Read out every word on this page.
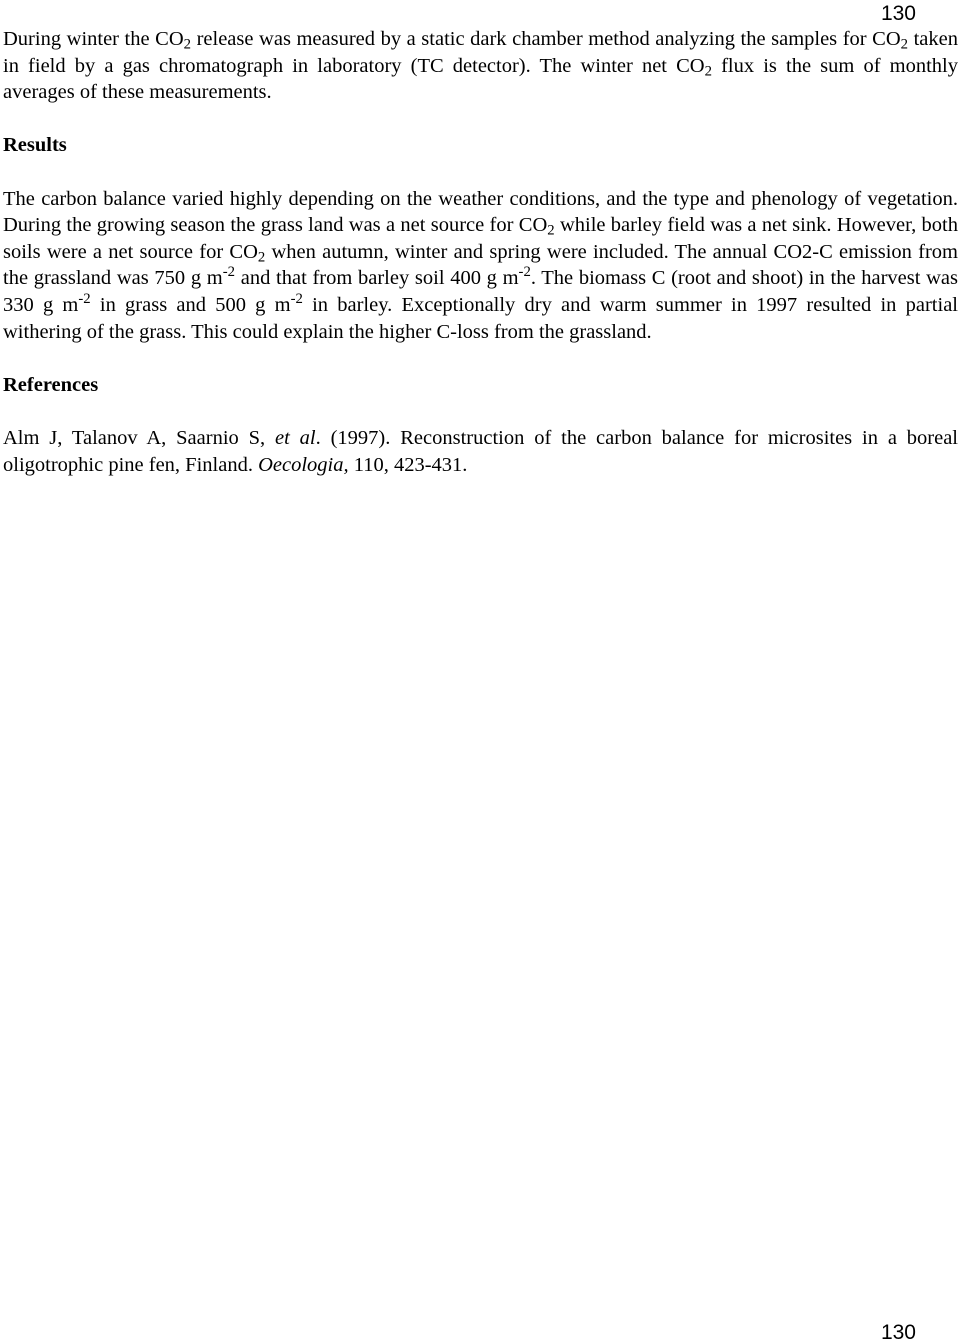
130

During winter the $CO_2$ release was measured by a static dark chamber method analyzing the samples for $CO_2$ taken in field by a gas chromatograph in laboratory (TC detector). The winter net $CO_2$ flux is the sum of monthly averages of these measurements.

Results

The carbon balance varied highly depending on the weather conditions, and the type and phenology of vegetation. During the growing season the grass land was a net source for $CO_2$ while barley field was a net sink. However, both soils were a net source for $CO_2$ when autumn, winter and spring were included. The annual CO2-C emission from the grassland was 750 g $m^{-2}$ and that from barley soil 400 g $m^{-2}$. The biomass C (root and shoot) in the harvest was 330 g $m^{-2}$ in grass and 500 g $m^{-2}$ in barley. Exceptionally dry and warm summer in 1997 resulted in partial withering of the grass. This could explain the higher C-loss from the grassland.

References

Alm J, Talanov A, Saarnio S, et al. (1997). Reconstruction of the carbon balance for microsites in a boreal oligotrophic pine fen, Finland. Oecologia, 110, 423-431.

130
